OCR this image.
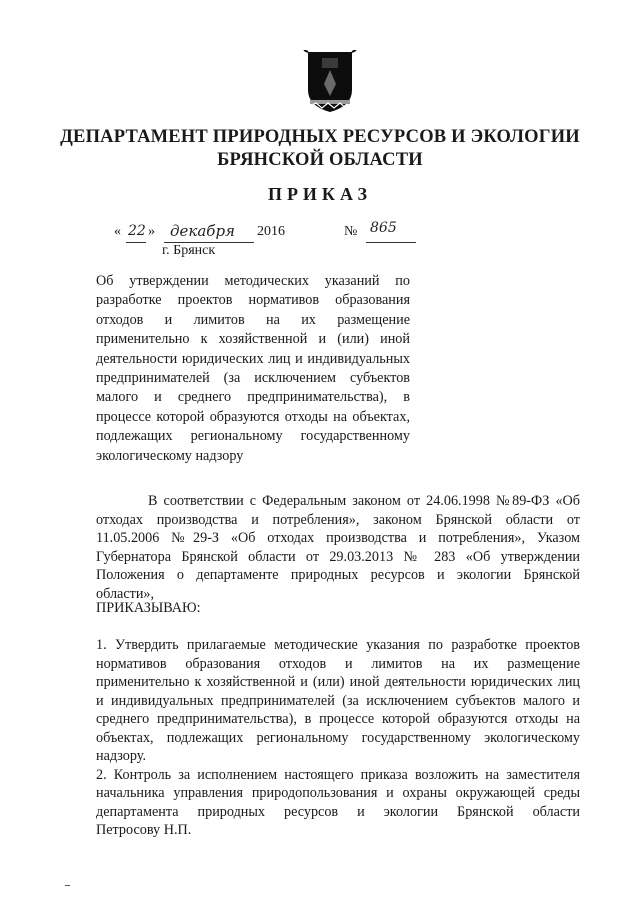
ДЕПАРТАМЕНТ ПРИРОДНЫХ РЕСУРСОВ И ЭКОЛОГИИ
БРЯНСКОЙ ОБЛАСТИ
ПРИКАЗ
« 22 » декабря 2016	№ 865
г. Брянск
Об утверждении методических указаний по
разработке проектов нормативов образования
отходов и лимитов на их размещение
применительно к хозяйственной и (или) иной
деятельности юридических лиц и индивидуальных
предпринимателей (за исключением субъектов
малого и среднего предпринимательства), в
процессе которой образуются отходы на объектах,
подлежащих региональному государственному
экологическому надзору
В соответствии с Федеральным законом от 24.06.1998 №89-ФЗ «Об
отходах производства и потребления», законом Брянской области от
11.05.2006 №29-З «Об отходах производства и потребления», Указом
Губернатора Брянской области от 29.03.2013 № 283 «Об утверждении
Положения о департаменте природных ресурсов и экологии Брянской
области»,
ПРИКАЗЫВАЮ:
1. Утвердить прилагаемые методические указания по разработке проектов
нормативов образования отходов и лимитов на их размещение
применительно к хозяйственной и (или) иной деятельности юридических лиц
и индивидуальных предпринимателей (за исключением субъектов малого и
среднего предпринимательства), в процессе которой образуются отходы на
объектах, подлежащих региональному государственному экологическому
надзору.
2. Контроль за исполнением настоящего приказа возложить на заместителя
начальника управления природопользования и охраны окружающей среды
департамента природных ресурсов и экологии Брянской области
Петросову Н.П.
